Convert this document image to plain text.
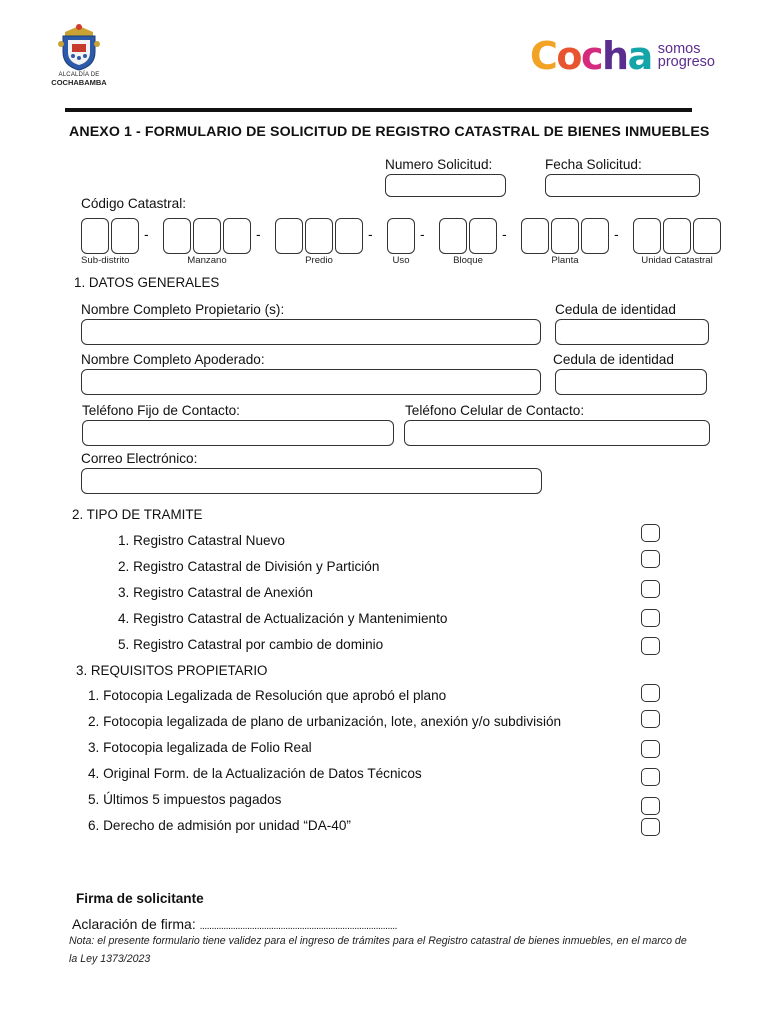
ALCALDÍA DE
COCHABAMBA
Cocha somos
progreso
ANEXO 1 - FORMULARIO DE SOLICITUD DE REGISTRO CATASTRAL DE BIENES INMUEBLES
Numero Solicitud:	Fecha Solicitud:
Código Catastral:
Sub-distrito
-
Manzano
-
Predio
-
Uso
-
Bloque
-
Planta
-
Unidad Catastral
1. DATOS GENERALES
Nombre Completo Propietario (s):	Cedula de identidad
Nombre Completo Apoderado:	Cedula de identidad
Teléfono Fijo de Contacto:	Teléfono Celular de Contacto:
Correo Electrónico:
2. TIPO DE TRAMITE
1. Registro Catastral Nuevo
2. Registro Catastral de División y Partición
3. Registro Catastral de Anexión
4. Registro Catastral de Actualización y Mantenimiento
5. Registro Catastral por cambio de dominio
3. REQUISITOS PROPIETARIO
1. Fotocopia Legalizada de Resolución que aprobó el plano
2. Fotocopia legalizada de plano de urbanización, lote, anexión y/o subdivisión
3. Fotocopia legalizada de Folio Real
4. Original Form. de la Actualización de Datos Técnicos
5. Últimos 5 impuestos pagados
6. Derecho de admisión por unidad “DA-40”
Firma de solicitante
Aclaración de firma: ...................................................................................
Nota: el presente formulario tiene validez para el ingreso de trámites para el Registro catastral de bienes inmuebles, en el marco de la Ley 1373/2023
